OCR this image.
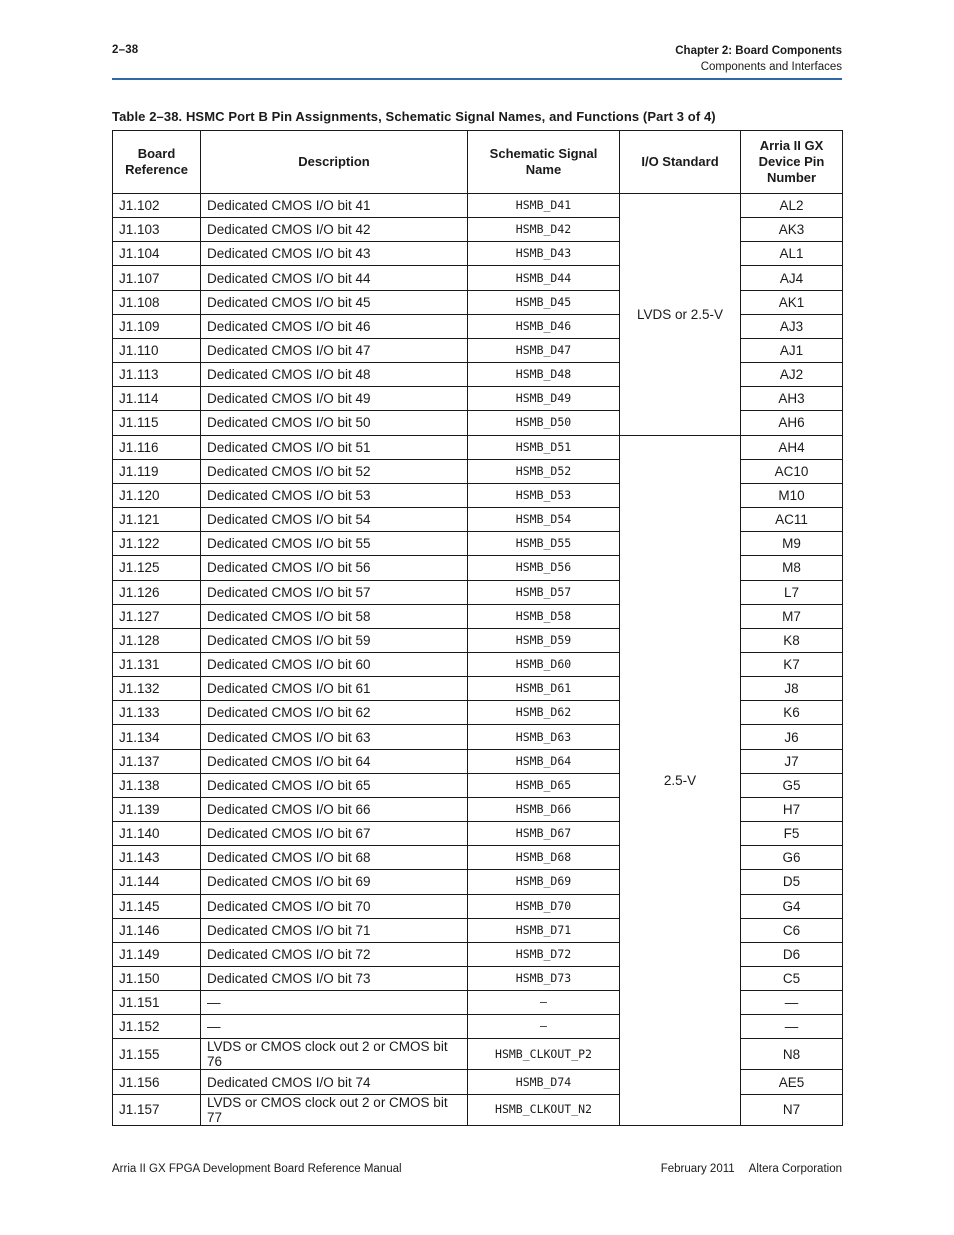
2–38	Chapter 2: Board Components
Components and Interfaces
Table 2–38. HSMC Port B Pin Assignments, Schematic Signal Names, and Functions (Part 3 of 4)
Board Reference	Description	Schematic Signal Name	I/O Standard	Arria II GX Device Pin Number
J1.102	Dedicated CMOS I/O bit 41	HSMB_D41	LVDS or 2.5-V	AL2
J1.103	Dedicated CMOS I/O bit 42	HSMB_D42		AK3
J1.104	Dedicated CMOS I/O bit 43	HSMB_D43		AL1
J1.107	Dedicated CMOS I/O bit 44	HSMB_D44		AJ4
J1.108	Dedicated CMOS I/O bit 45	HSMB_D45		AK1
J1.109	Dedicated CMOS I/O bit 46	HSMB_D46		AJ3
J1.110	Dedicated CMOS I/O bit 47	HSMB_D47		AJ1
J1.113	Dedicated CMOS I/O bit 48	HSMB_D48		AJ2
J1.114	Dedicated CMOS I/O bit 49	HSMB_D49		AH3
J1.115	Dedicated CMOS I/O bit 50	HSMB_D50		AH6
J1.116	Dedicated CMOS I/O bit 51	HSMB_D51	2.5-V	AH4
J1.119	Dedicated CMOS I/O bit 52	HSMB_D52		AC10
J1.120	Dedicated CMOS I/O bit 53	HSMB_D53		M10
J1.121	Dedicated CMOS I/O bit 54	HSMB_D54		AC11
J1.122	Dedicated CMOS I/O bit 55	HSMB_D55		M9
J1.125	Dedicated CMOS I/O bit 56	HSMB_D56		M8
J1.126	Dedicated CMOS I/O bit 57	HSMB_D57		L7
J1.127	Dedicated CMOS I/O bit 58	HSMB_D58		M7
J1.128	Dedicated CMOS I/O bit 59	HSMB_D59		K8
J1.131	Dedicated CMOS I/O bit 60	HSMB_D60		K7
J1.132	Dedicated CMOS I/O bit 61	HSMB_D61		J8
J1.133	Dedicated CMOS I/O bit 62	HSMB_D62		K6
J1.134	Dedicated CMOS I/O bit 63	HSMB_D63		J6
J1.137	Dedicated CMOS I/O bit 64	HSMB_D64		J7
J1.138	Dedicated CMOS I/O bit 65	HSMB_D65		G5
J1.139	Dedicated CMOS I/O bit 66	HSMB_D66		H7
J1.140	Dedicated CMOS I/O bit 67	HSMB_D67		F5
J1.143	Dedicated CMOS I/O bit 68	HSMB_D68		G6
J1.144	Dedicated CMOS I/O bit 69	HSMB_D69		D5
J1.145	Dedicated CMOS I/O bit 70	HSMB_D70		G4
J1.146	Dedicated CMOS I/O bit 71	HSMB_D71		C6
J1.149	Dedicated CMOS I/O bit 72	HSMB_D72		D6
J1.150	Dedicated CMOS I/O bit 73	HSMB_D73		C5
J1.151	—	—		—
J1.152	—	—		—
J1.155	LVDS or CMOS clock out 2 or CMOS bit 76	HSMB_CLKOUT_P2		N8
J1.156	Dedicated CMOS I/O bit 74	HSMB_D74		AE5
J1.157	LVDS or CMOS clock out 2 or CMOS bit 77	HSMB_CLKOUT_N2		N7
Arria II GX FPGA Development Board Reference Manual	February 2011 Altera Corporation
